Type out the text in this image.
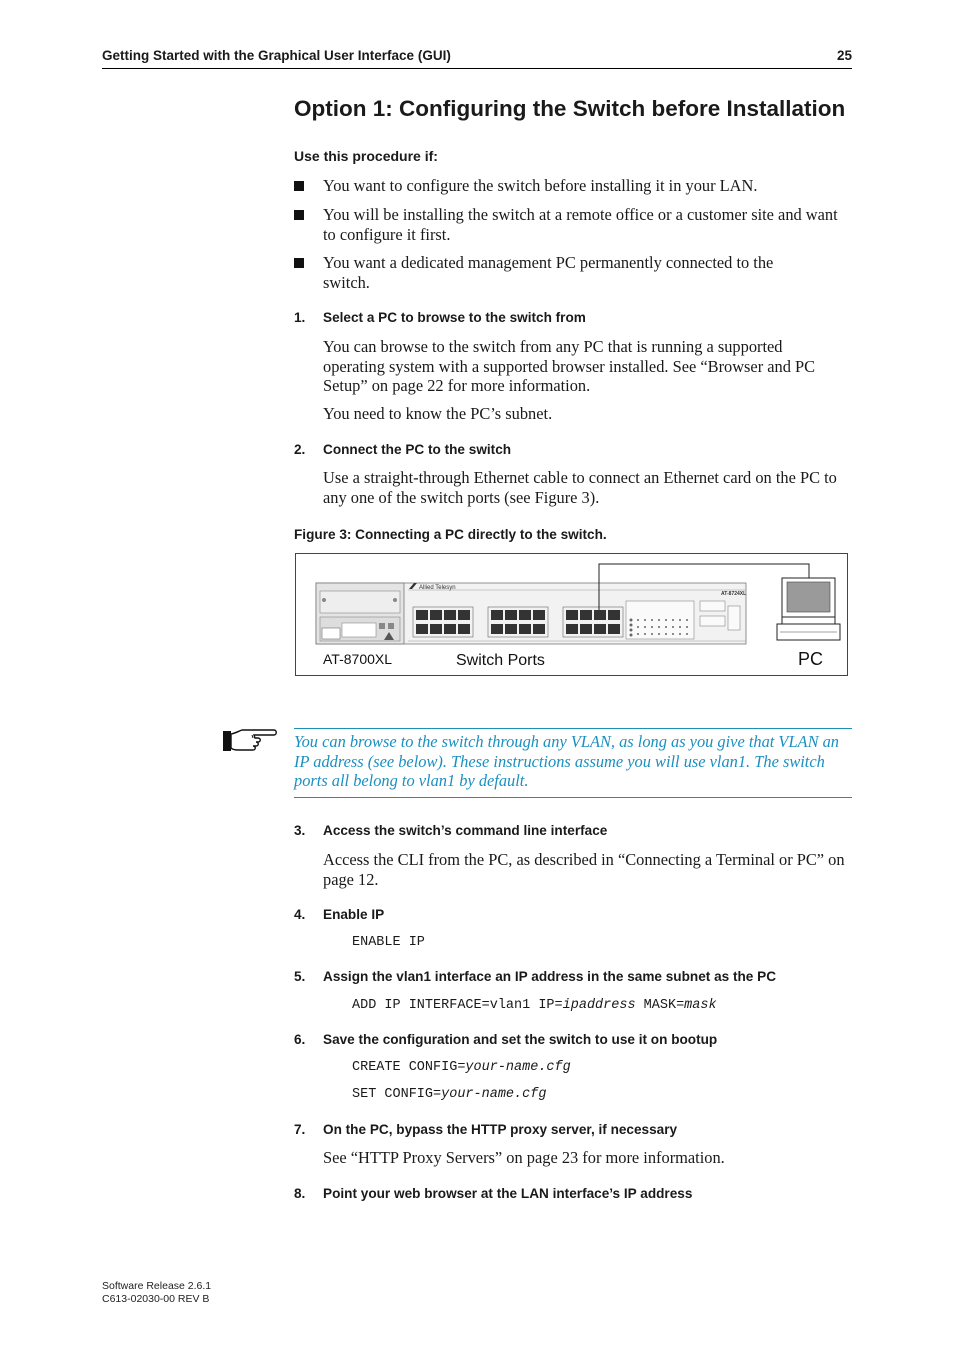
Getting Started with the Graphical User Interface (GUI)	25
Option 1: Configuring the Switch before Installation
Use this procedure if:
You want to configure the switch before installing it in your LAN.
You will be installing the switch at a remote office or a customer site and want to configure it first.
You want a dedicated management PC permanently connected to the switch.
1. Select a PC to browse to the switch from
You can browse to the switch from any PC that is running a supported operating system with a supported browser installed. See “Browser and PC Setup” on page 22 for more information.
You need to know the PC’s subnet.
2. Connect the PC to the switch
Use a straight-through Ethernet cable to connect an Ethernet card on the PC to any one of the switch ports (see Figure 3).
Figure 3: Connecting a PC directly to the switch.
Allied Telesyn
AT-8724XL
AT-8700XL	Switch Ports	PC
You can browse to the switch through any VLAN, as long as you give that VLAN an IP address (see below). These instructions assume you will use vlan1. The switch ports all belong to vlan1 by default.
3. Access the switch’s command line interface
Access the CLI from the PC, as described in “Connecting a Terminal or PC” on page 12.
4. Enable IP
ENABLE IP
5. Assign the vlan1 interface an IP address in the same subnet as the PC
ADD IP INTERFACE=vlan1 IP=ipaddress MASK=mask
6. Save the configuration and set the switch to use it on bootup
CREATE CONFIG=your-name.cfg
SET CONFIG=your-name.cfg
7. On the PC, bypass the HTTP proxy server, if necessary
See “HTTP Proxy Servers” on page 23 for more information.
8. Point your web browser at the LAN interface’s IP address
Software Release 2.6.1
C613-02030-00 REV B
